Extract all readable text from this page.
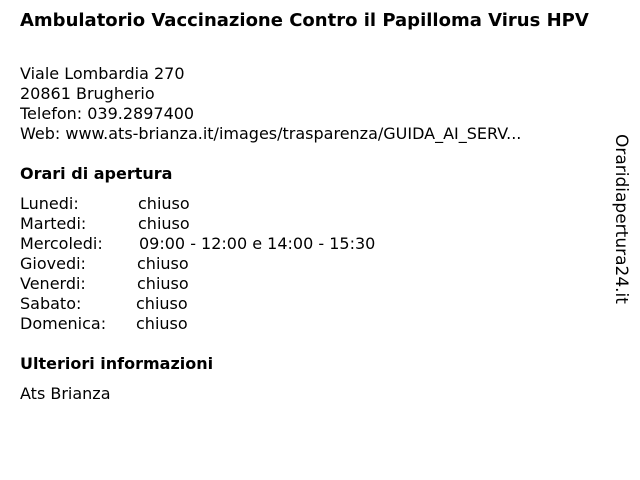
Ambulatorio Vaccinazione Contro il Papilloma Virus HPV
Viale Lombardia 270
20861 Brugherio
Telefon: 039.2897400
Web: www.ats-brianza.it/images/trasparenza/GUIDA_AI_SERV...
Orari di apertura
Lunedi:	chiuso
Martedi:	chiuso
Mercoledi: 09:00 - 12:00 e 14:00 - 15:30
Giovedi:	chiuso
Venerdi:	chiuso
Sabato:	chiuso
Domenica: chiuso
Ulteriori informazioni
Ats Brianza
Oraridiapertura24.it
